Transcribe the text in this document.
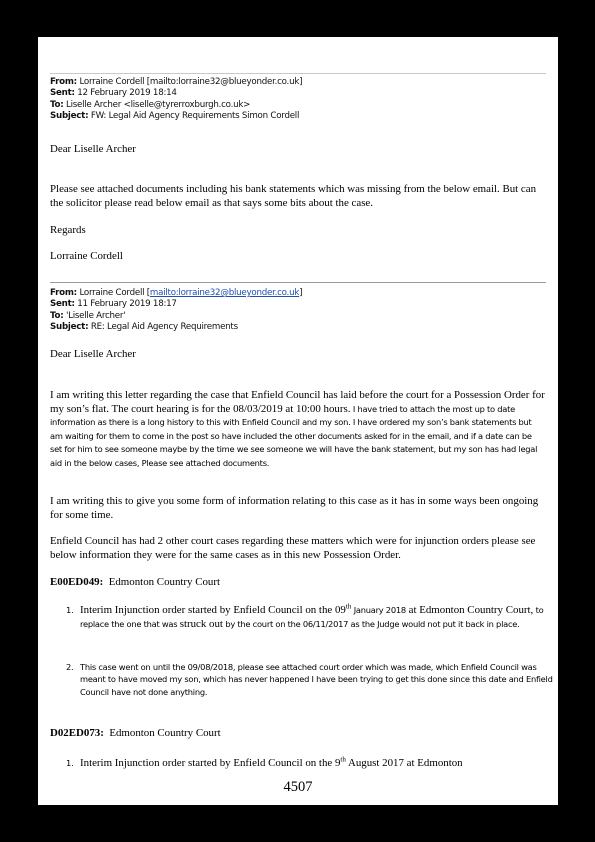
From: Lorraine Cordell [mailto:lorraine32@blueyonder.co.uk]
Sent: 12 February 2019 18:14
To: Liselle Archer <liselle@tyrerroxburgh.co.uk>
Subject: FW: Legal Aid Agency Requirements Simon Cordell

Dear Liselle Archer

Please see attached documents including his bank statements which was missing from the below email. But can the solicitor please read below email as that says some bits about the case.

Regards

Lorraine Cordell

From: Lorraine Cordell [mailto:lorraine32@blueyonder.co.uk]
Sent: 11 February 2019 18:17
To: 'Liselle Archer'
Subject: RE: Legal Aid Agency Requirements

Dear Liselle Archer

I am writing this letter regarding the case that Enfield Council has laid before the court for a Possession Order for my son’s flat. The court hearing is for the 08/03/2019 at 10:00 hours. I have tried to attach the most up to date information as there is a long history to this with Enfield Council and my son. I have ordered my son’s bank statements but am waiting for them to come in the post so have included the other documents asked for in the email, and if a date can be set for him to see someone maybe by the time we see someone we will have the bank statement, but my son has had legal aid in the below cases, Please see attached documents.

I am writing this to give you some form of information relating to this case as it has in some ways been ongoing for some time.

Enfield Council has had 2 other court cases regarding these matters which were for injunction orders please see below information they were for the same cases as in this new Possession Order.

E00ED049: Edmonton Country Court
1. Interim Injunction order started by Enfield Council on the 09th January 2018 at Edmonton Country Court, to replace the one that was struck out by the court on the 06/11/2017 as the Judge would not put it back in place.
2. This case went on until the 09/08/2018, please see attached court order which was made, which Enfield Council was meant to have moved my son, which has never happened I have been trying to get this done since this date and Enfield Council have not done anything.
D02ED073: Edmonton Country Court
1. Interim Injunction order started by Enfield Council on the 9th August 2017 at Edmonton
4507
